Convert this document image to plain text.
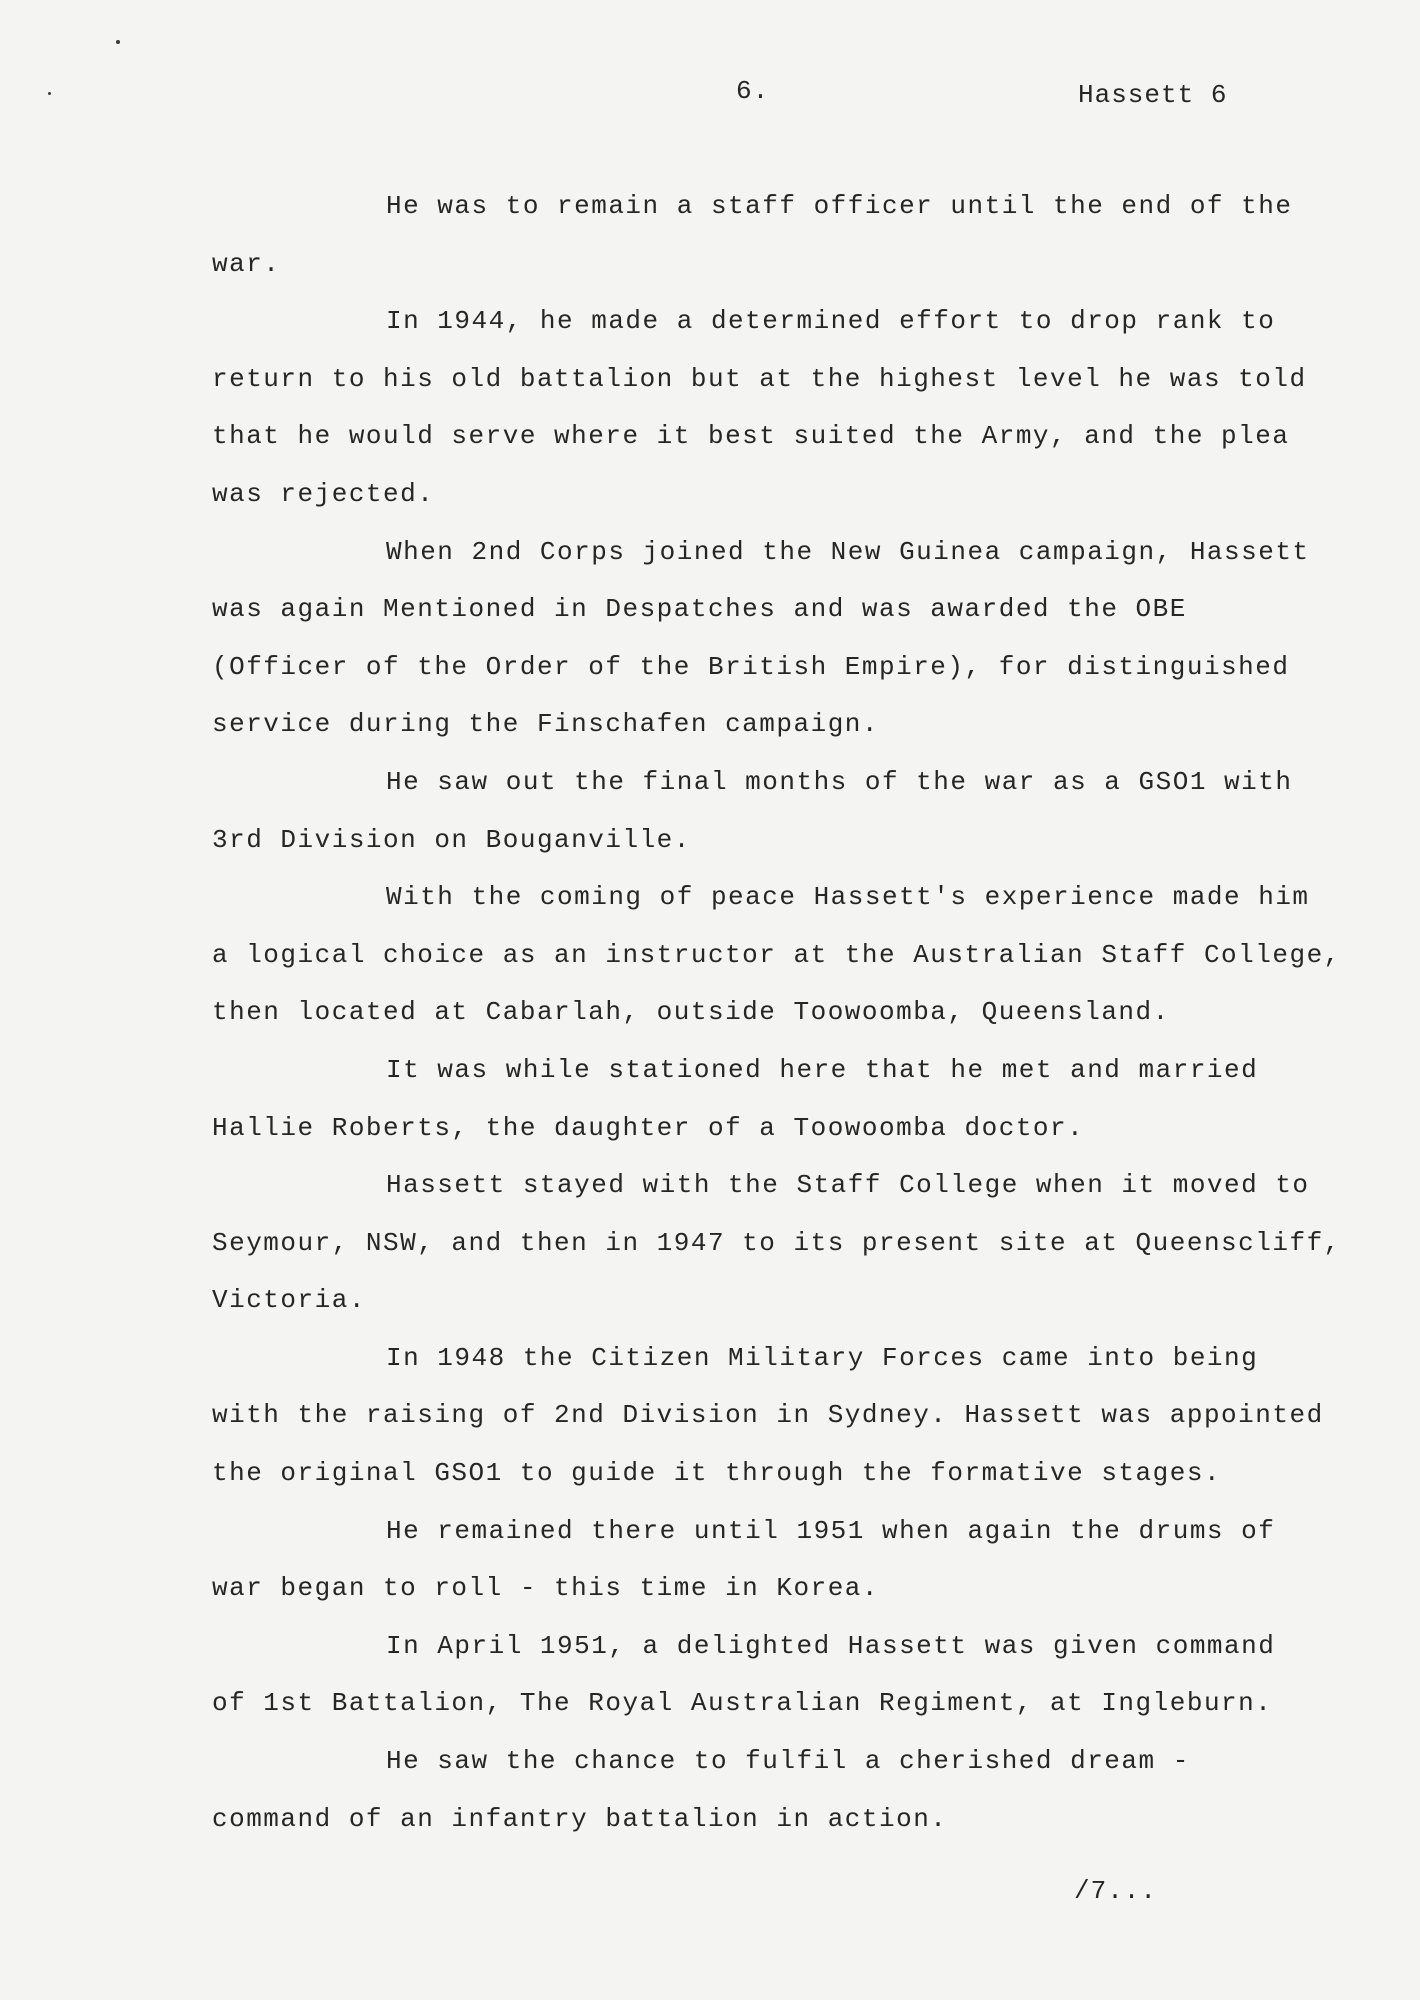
6.	Hassett 6

He was to remain a staff officer until the end of the
war.

In 1944, he made a determined effort to drop rank to
return to his old battalion but at the highest level he was told
that he would serve where it best suited the Army, and the plea
was rejected.

When 2nd Corps joined the New Guinea campaign, Hassett
was again Mentioned in Despatches and was awarded the OBE
(Officer of the Order of the British Empire), for distinguished
service during the Finschafen campaign.

He saw out the final months of the war as a GSO1 with
3rd Division on Bouganville.

With the coming of peace Hassett's experience made him
a logical choice as an instructor at the Australian Staff College,
then located at Cabarlah, outside Toowoomba, Queensland.

It was while stationed here that he met and married
Hallie Roberts, the daughter of a Toowoomba doctor.

Hassett stayed with the Staff College when it moved to
Seymour, NSW, and then in 1947 to its present site at Queenscliff,
Victoria.

In 1948 the Citizen Military Forces came into being
with the raising of 2nd Division in Sydney. Hassett was appointed
the original GSO1 to guide it through the formative stages.

He remained there until 1951 when again the drums of
war began to roll - this time in Korea.

In April 1951, a delighted Hassett was given command
of 1st Battalion, The Royal Australian Regiment, at Ingleburn.

He saw the chance to fulfil a cherished dream -
command of an infantry battalion in action.

/7...
